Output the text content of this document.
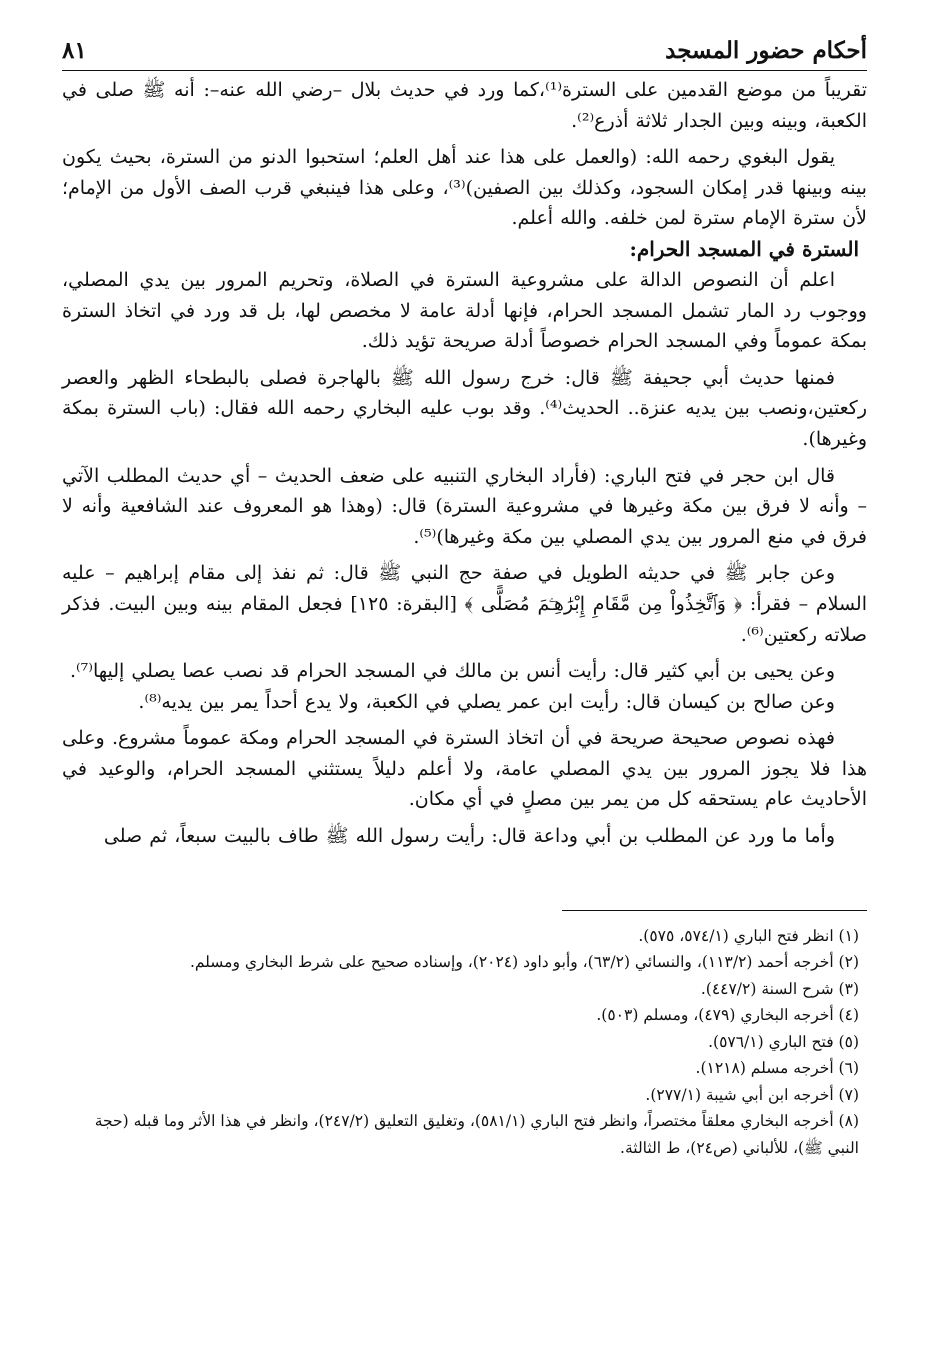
أحكام حضور المسجد
٨١

تقريباً من موضع القدمين على السترة⁽¹⁾،كما ورد في حديث بلال –رضي الله عنه–: أنه ﷺ صلى في الكعبة، وبينه وبين الجدار ثلاثة أذرع⁽²⁾.

يقول البغوي رحمه الله: (والعمل على هذا عند أهل العلم؛ استحبوا الدنو من السترة، بحيث يكون بينه وبينها قدر إمكان السجود، وكذلك بين الصفين)⁽³⁾، وعلى هذا فينبغي قرب الصف الأول من الإمام؛ لأن سترة الإمام سترة لمن خلفه. والله أعلم.

السترة في المسجد الحرام:

اعلم أن النصوص الدالة على مشروعية السترة في الصلاة، وتحريم المرور بين يدي المصلي، ووجوب رد المار تشمل المسجد الحرام، فإنها أدلة عامة لا مخصص لها، بل قد ورد في اتخاذ السترة بمكة عموماً وفي المسجد الحرام خصوصاً أدلة صريحة تؤيد ذلك.

فمنها حديث أبي جحيفة ﷺ قال: خرج رسول الله ﷺ بالهاجرة فصلى بالبطحاء الظهر والعصر ركعتين،ونصب بين يديه عنزة.. الحديث⁽⁴⁾. وقد بوب عليه البخاري رحمه الله فقال: (باب السترة بمكة وغيرها).

قال ابن حجر في فتح الباري: (فأراد البخاري التنبيه على ضعف الحديث – أي حديث المطلب الآتي – وأنه لا فرق بين مكة وغيرها في مشروعية السترة) قال: (وهذا هو المعروف عند الشافعية وأنه لا فرق في منع المرور بين يدي المصلي بين مكة وغيرها)⁽⁵⁾.

وعن جابر ﷺ في حديثه الطويل في صفة حج النبي ﷺ قال: ثم نفذ إلى مقام إبراهيم – عليه السلام – فقرأ: ﴿ وَٱتَّخِذُواْ مِن مَّقَامِ إِبْرَٰهِـۧمَ مُصَلًّى ﴾ [البقرة: ١٢٥] فجعل المقام بينه وبين البيت. فذكر صلاته ركعتين⁽⁶⁾.

وعن يحيى بن أبي كثير قال: رأيت أنس بن مالك في المسجد الحرام قد نصب عصا يصلي إليها⁽⁷⁾.

وعن صالح بن كيسان قال: رأيت ابن عمر يصلي في الكعبة، ولا يدع أحداً يمر بين يديه⁽⁸⁾.

فهذه نصوص صحيحة صريحة في أن اتخاذ السترة في المسجد الحرام ومكة عموماً مشروع. وعلى هذا فلا يجوز المرور بين يدي المصلي عامة، ولا أعلم دليلاً يستثني المسجد الحرام، والوعيد في الأحاديث عام يستحقه كل من يمر بين مصلٍ في أي مكان.

وأما ما ورد عن المطلب بن أبي وداعة قال: رأيت رسول الله ﷺ طاف بالبيت سبعاً، ثم صلى

(١) انظر فتح الباري (٥٧٤/١، ٥٧٥).

(٢) أخرجه أحمد (١١٣/٢)، والنسائي (٦٣/٢)، وأبو داود (٢٠٢٤)، وإسناده صحيح على شرط البخاري ومسلم.

(٣) شرح السنة (٤٤٧/٢).

(٤) أخرجه البخاري (٤٧٩)، ومسلم (٥٠٣).

(٥) فتح الباري (٥٧٦/١).

(٦) أخرجه مسلم (١٢١٨).

(٧) أخرجه ابن أبي شيبة (٢٧٧/١).

(٨) أخرجه البخاري معلقاً مختصراً، وانظر فتح الباري (٥٨١/١)، وتغليق التعليق (٢٤٧/٢)، وانظر في هذا الأثر وما قبله (حجة النبي ﷺ)، للألباني (ص٢٤)، ط الثالثة.
